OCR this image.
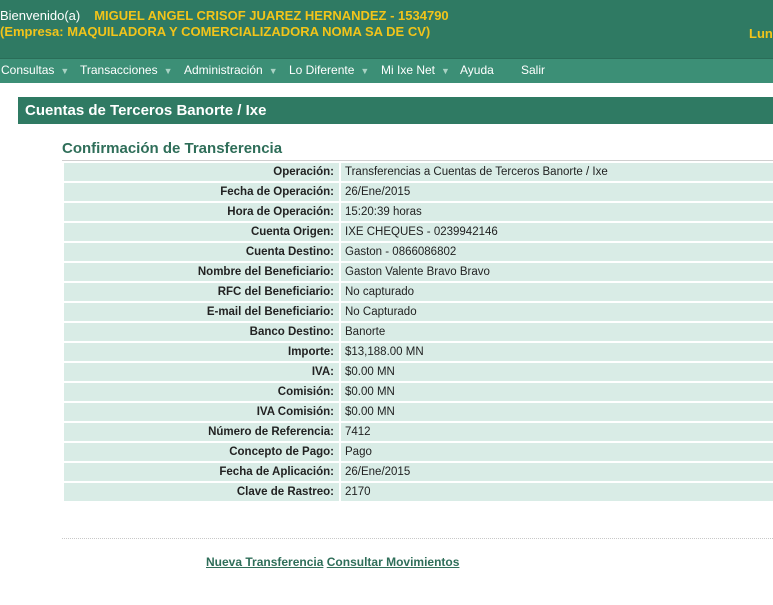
Bienvenido(a) MIGUEL ANGEL CRISOF JUAREZ HERNANDEZ - 1534790
(Empresa: MAQUILADORA Y COMERCIALIZADORA NOMA SA DE CV)	Lun
Consultas ▼ Transacciones ▼ Administración ▼ Lo Diferente ▼ Mi Ixe Net ▼ Ayuda Salir
Cuentas de Terceros Banorte / Ixe
Confirmación de Transferencia
Operación:	Transferencias a Cuentas de Terceros Banorte / Ixe
Fecha de Operación:	26/Ene/2015
Hora de Operación:	15:20:39 horas
Cuenta Origen:	IXE CHEQUES - 0239942146
Cuenta Destino:	Gaston - 0866086802
Nombre del Beneficiario:	Gaston Valente Bravo Bravo
RFC del Beneficiario:	No capturado
E-mail del Beneficiario:	No Capturado
Banco Destino:	Banorte
Importe:	$13,188.00 MN
IVA:	$0.00 MN
Comisión:	$0.00 MN
IVA Comisión:	$0.00 MN
Número de Referencia:	7412
Concepto de Pago:	Pago
Fecha de Aplicación:	26/Ene/2015
Clave de Rastreo:	2170
Nueva Transferencia Consultar Movimientos
